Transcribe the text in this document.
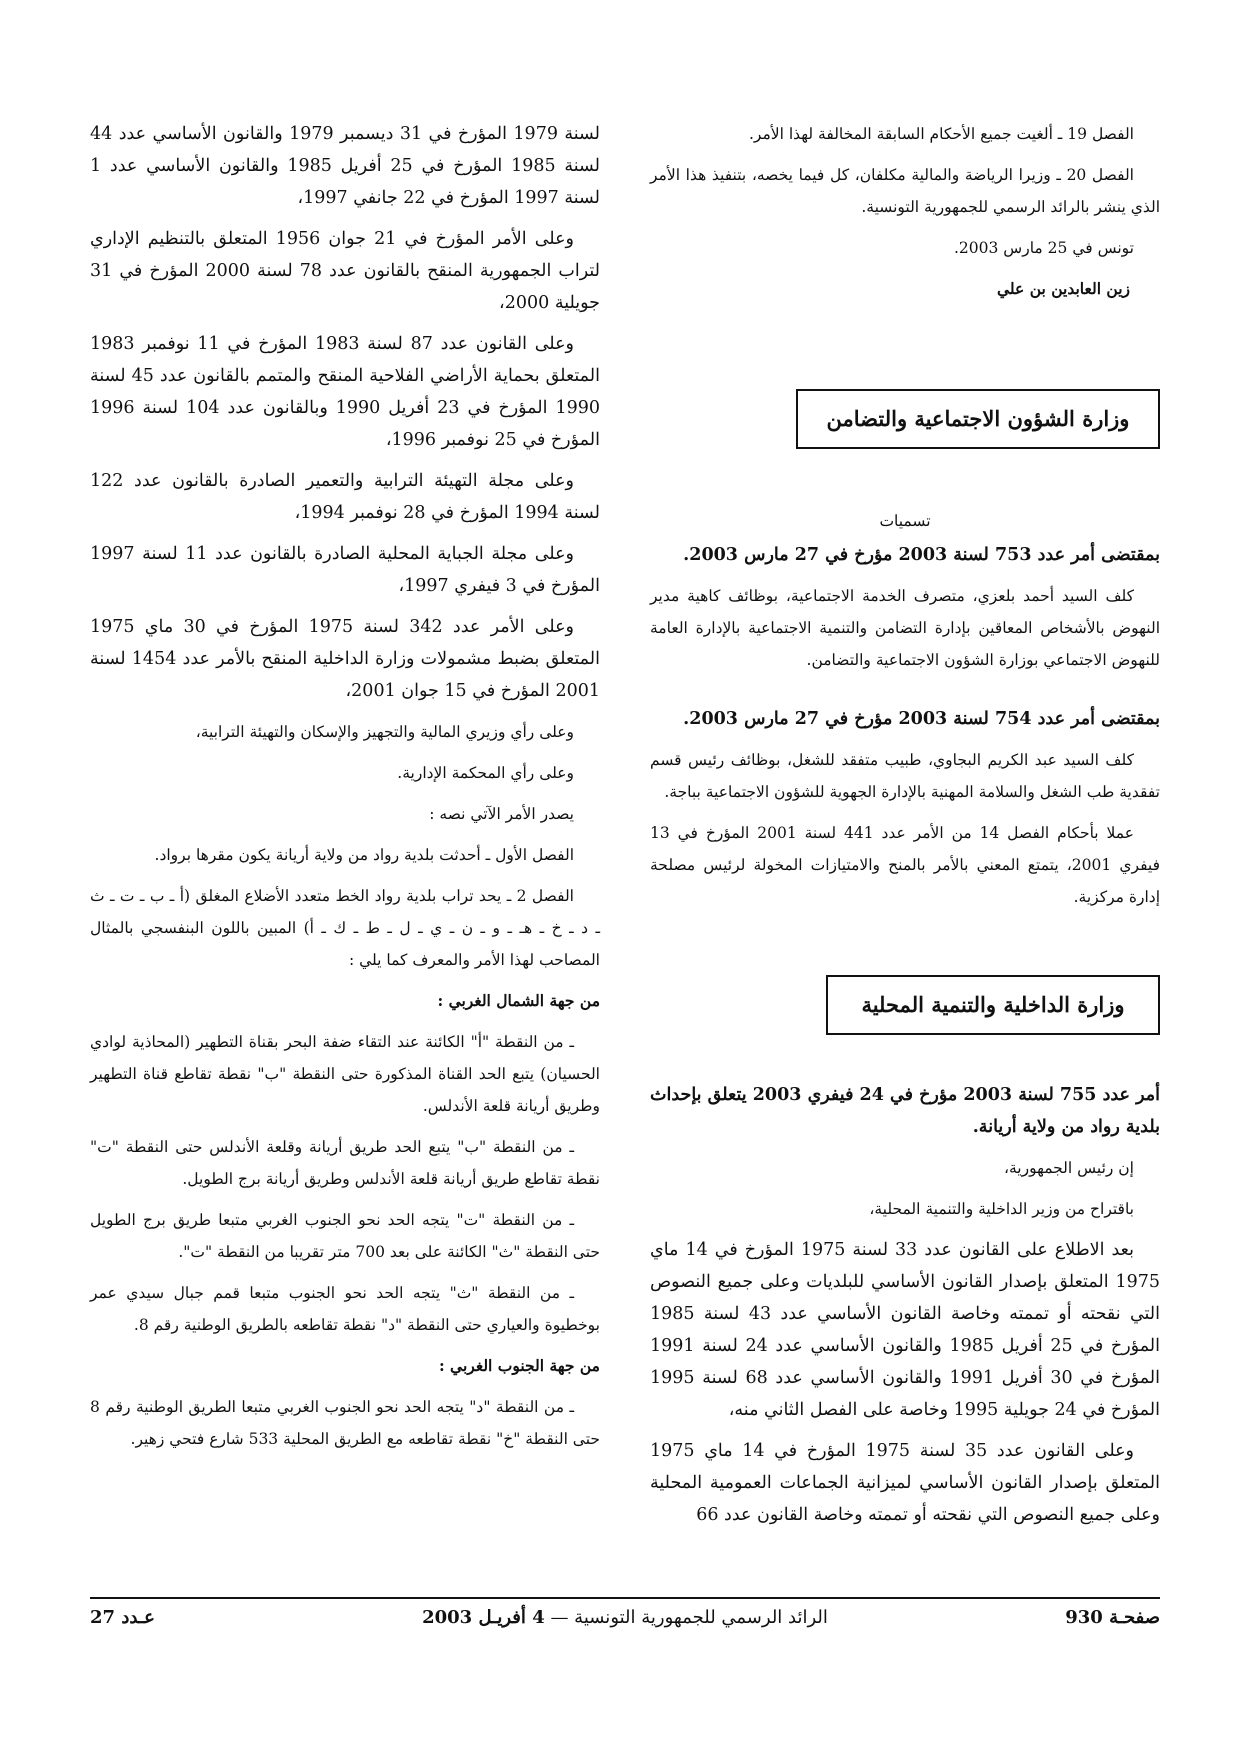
الفصل 19 ـ ألغيت جميع الأحكام السابقة المخالفة لهذا الأمر.

الفصل 20 ـ وزيرا الرياضة والمالية مكلفان، كل فيما يخصه، بتنفيذ هذا الأمر الذي ينشر بالرائد الرسمي للجمهورية التونسية.

تونس في 25 مارس 2003.

زين العابدين بن علي

وزارة الشؤون الاجتماعية والتضامن

تسميات

بمقتضى أمر عدد 753 لسنة 2003 مؤرخ في 27 مارس 2003.

كلف السيد أحمد بلعزي، متصرف الخدمة الاجتماعية، بوظائف كاهية مدير النهوض بالأشخاص المعاقين بإدارة التضامن والتنمية الاجتماعية بالإدارة العامة للنهوض الاجتماعي بوزارة الشؤون الاجتماعية والتضامن.

بمقتضى أمر عدد 754 لسنة 2003 مؤرخ في 27 مارس 2003.

كلف السيد عبد الكريم البجاوي، طبيب متفقد للشغل، بوظائف رئيس قسم تفقدية طب الشغل والسلامة المهنية بالإدارة الجهوية للشؤون الاجتماعية بباجة.

عملا بأحكام الفصل 14 من الأمر عدد 441 لسنة 2001 المؤرخ في 13 فيفري 2001، يتمتع المعني بالأمر بالمنح والامتيازات المخولة لرئيس مصلحة إدارة مركزية.

وزارة الداخلية والتنمية المحلية

أمر عدد 755 لسنة 2003 مؤرخ في 24 فيفري 2003 يتعلق بإحداث بلدية رواد من ولاية أريانة.

إن رئيس الجمهورية،

باقتراح من وزير الداخلية والتنمية المحلية،

بعد الاطلاع على القانون عدد 33 لسنة 1975 المؤرخ في 14 ماي 1975 المتعلق بإصدار القانون الأساسي للبلديات وعلى جميع النصوص التي نقحته أو تممته وخاصة القانون الأساسي عدد 43 لسنة 1985 المؤرخ في 25 أفريل 1985 والقانون الأساسي عدد 24 لسنة 1991 المؤرخ في 30 أفريل 1991 والقانون الأساسي عدد 68 لسنة 1995 المؤرخ في 24 جويلية 1995 وخاصة على الفصل الثاني منه،

وعلى القانون عدد 35 لسنة 1975 المؤرخ في 14 ماي 1975 المتعلق بإصدار القانون الأساسي لميزانية الجماعات العمومية المحلية وعلى جميع النصوص التي نقحته أو تممته وخاصة القانون عدد 66

لسنة 1979 المؤرخ في 31 ديسمبر 1979 والقانون الأساسي عدد 44 لسنة 1985 المؤرخ في 25 أفريل 1985 والقانون الأساسي عدد 1 لسنة 1997 المؤرخ في 22 جانفي 1997،

وعلى الأمر المؤرخ في 21 جوان 1956 المتعلق بالتنظيم الإداري لتراب الجمهورية المنقح بالقانون عدد 78 لسنة 2000 المؤرخ في 31 جويلية 2000،

وعلى القانون عدد 87 لسنة 1983 المؤرخ في 11 نوفمبر 1983 المتعلق بحماية الأراضي الفلاحية المنقح والمتمم بالقانون عدد 45 لسنة 1990 المؤرخ في 23 أفريل 1990 وبالقانون عدد 104 لسنة 1996 المؤرخ في 25 نوفمبر 1996،

وعلى مجلة التهيئة الترابية والتعمير الصادرة بالقانون عدد 122 لسنة 1994 المؤرخ في 28 نوفمبر 1994،

وعلى مجلة الجباية المحلية الصادرة بالقانون عدد 11 لسنة 1997 المؤرخ في 3 فيفري 1997،

وعلى الأمر عدد 342 لسنة 1975 المؤرخ في 30 ماي 1975 المتعلق بضبط مشمولات وزارة الداخلية المنقح بالأمر عدد 1454 لسنة 2001 المؤرخ في 15 جوان 2001،

وعلى رأي وزيري المالية والتجهيز والإسكان والتهيئة الترابية،

وعلى رأي المحكمة الإدارية.

يصدر الأمر الآتي نصه :

الفصل الأول ـ أحدثت بلدية رواد من ولاية أريانة يكون مقرها برواد.

الفصل 2 ـ يحد تراب بلدية رواد الخط متعدد الأضلاع المغلق (أ ـ ب ـ ت ـ ث ـ د ـ خ ـ هـ ـ و ـ ن ـ ي ـ ل ـ ط ـ ك ـ أ) المبين باللون البنفسجي بالمثال المصاحب لهذا الأمر والمعرف كما يلي :

من جهة الشمال الغربي :

ـ من النقطة "أ" الكائنة عند التقاء ضفة البحر بقناة التطهير (المحاذية لوادي الحسيان) يتبع الحد القناة المذكورة حتى النقطة "ب" نقطة تقاطع قناة التطهير وطريق أريانة قلعة الأندلس.

ـ من النقطة "ب" يتبع الحد طريق أريانة وقلعة الأندلس حتى النقطة "ت" نقطة تقاطع طريق أريانة قلعة الأندلس وطريق أريانة برج الطويل.

ـ من النقطة "ت" يتجه الحد نحو الجنوب الغربي متبعا طريق برج الطويل حتى النقطة "ث" الكائنة على بعد 700 متر تقريبا من النقطة "ت".

ـ من النقطة "ث" يتجه الحد نحو الجنوب متبعا قمم جبال سيدي عمر بوخطيوة والعياري حتى النقطة "د" نقطة تقاطعه بالطريق الوطنية رقم 8.

من جهة الجنوب الغربي :

ـ من النقطة "د" يتجه الحد نحو الجنوب الغربي متبعا الطريق الوطنية رقم 8 حتى النقطة "خ" نقطة تقاطعه مع الطريق المحلية 533 شارع فتحي زهير.

صفحـة 930
الرائد الرسمي للجمهورية التونسية — 4 أفريـل 2003
عـدد 27
